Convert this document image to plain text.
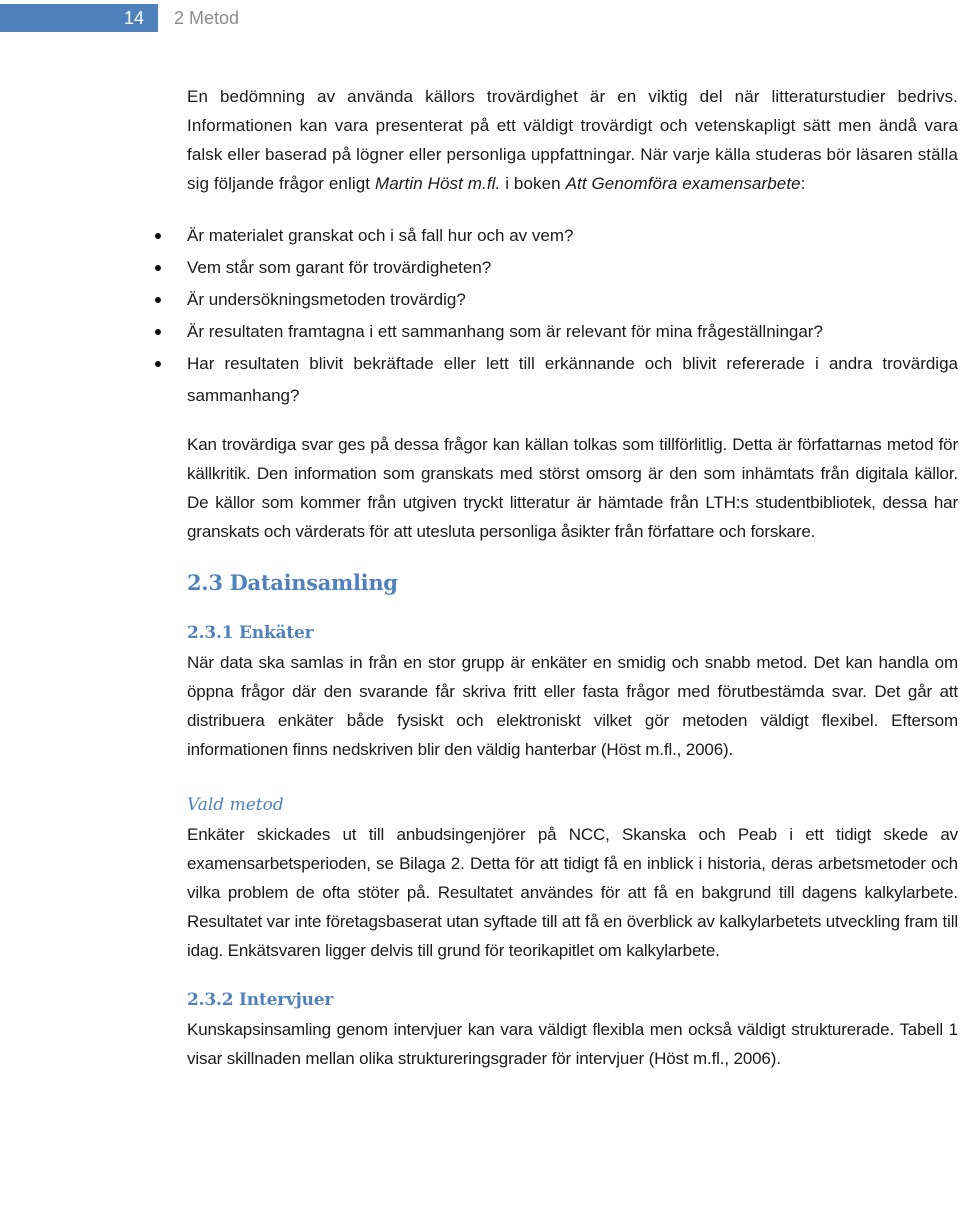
14	2 Metod

En bedömning av använda källors trovärdighet är en viktig del när litteraturstudier bedrivs. Informationen kan vara presenterat på ett väldigt trovärdigt och vetenskapligt sätt men ändå vara falsk eller baserad på lögner eller personliga uppfattningar. När varje källa studeras bör läsaren ställa sig följande frågor enligt Martin Höst m.fl. i boken Att Genomföra examensarbete:

Är materialet granskat och i så fall hur och av vem?
Vem står som garant för trovärdigheten?
Är undersökningsmetoden trovärdig?
Är resultaten framtagna i ett sammanhang som är relevant för mina frågeställningar?
Har resultaten blivit bekräftade eller lett till erkännande och blivit refererade i andra trovärdiga sammanhang?

Kan trovärdiga svar ges på dessa frågor kan källan tolkas som tillförlitlig. Detta är författarnas metod för källkritik. Den information som granskats med störst omsorg är den som inhämtats från digitala källor. De källor som kommer från utgiven tryckt litteratur är hämtade från LTH:s studentbibliotek, dessa har granskats och värderats för att utesluta personliga åsikter från författare och forskare.

2.3 Datainsamling
2.3.1 Enkäter

När data ska samlas in från en stor grupp är enkäter en smidig och snabb metod. Det kan handla om öppna frågor där den svarande får skriva fritt eller fasta frågor med förutbestämda svar. Det går att distribuera enkäter både fysiskt och elektroniskt vilket gör metoden väldigt flexibel. Eftersom informationen finns nedskriven blir den väldig hanterbar (Höst m.fl., 2006).

Vald metod

Enkäter skickades ut till anbudsingenjörer på NCC, Skanska och Peab i ett tidigt skede av examensarbetsperioden, se Bilaga 2. Detta för att tidigt få en inblick i historia, deras arbetsmetoder och vilka problem de ofta stöter på. Resultatet användes för att få en bakgrund till dagens kalkylarbete. Resultatet var inte företagsbaserat utan syftade till att få en överblick av kalkylarbetets utveckling fram till idag. Enkätsvaren ligger delvis till grund för teorikapitlet om kalkylarbete.

2.3.2 Intervjuer

Kunskapsinsamling genom intervjuer kan vara väldigt flexibla men också väldigt strukturerade. Tabell 1 visar skillnaden mellan olika struktureringsgrader för intervjuer (Höst m.fl., 2006).
